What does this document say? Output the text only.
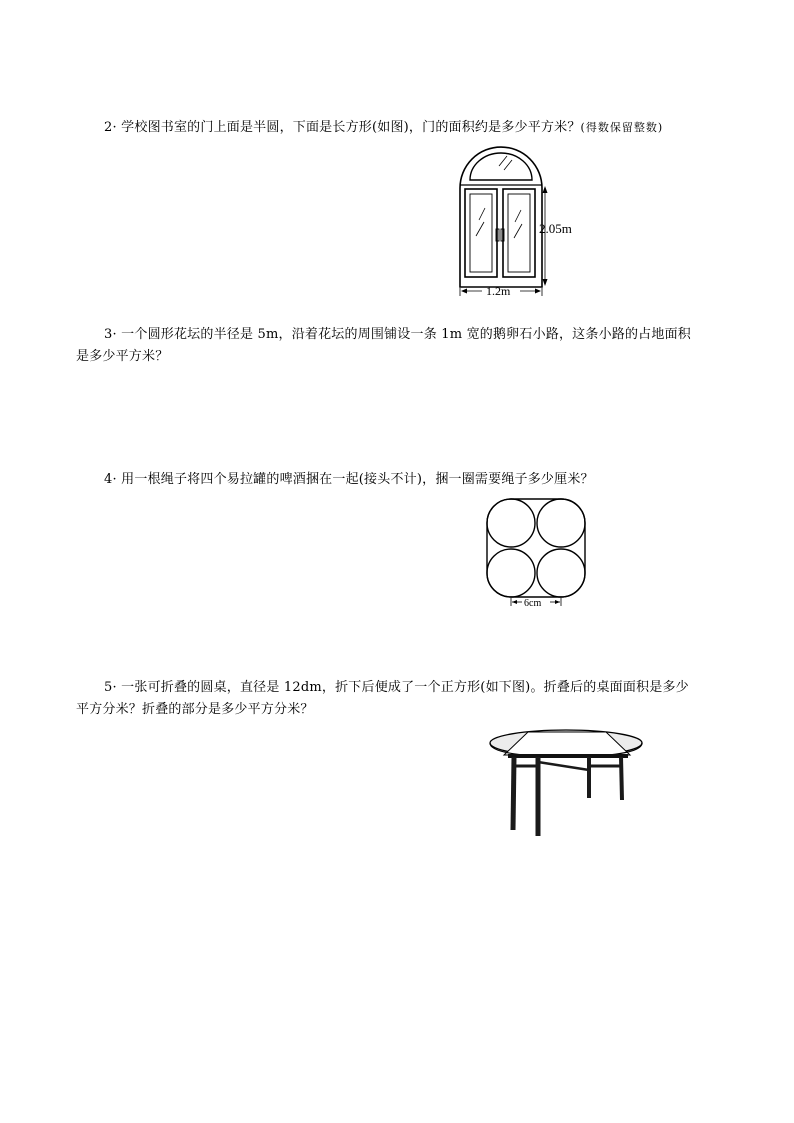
2· 学校图书室的门上面是半圆，下面是长方形(如图)，门的面积约是多少平方米？(得数保留整数)
2.05m
1.2m
3· 一个圆形花坛的半径是 5m，沿着花坛的周围铺设一条 1m 宽的鹅卵石小路，这条小路的占地面积
是多少平方米？
4· 用一根绳子将四个易拉罐的啤酒捆在一起(接头不计)，捆一圈需要绳子多少厘米？
6cm
5· 一张可折叠的圆桌，直径是 12dm，折下后便成了一个正方形(如下图)。折叠后的桌面面积是多少
平方分米？折叠的部分是多少平方分米？
